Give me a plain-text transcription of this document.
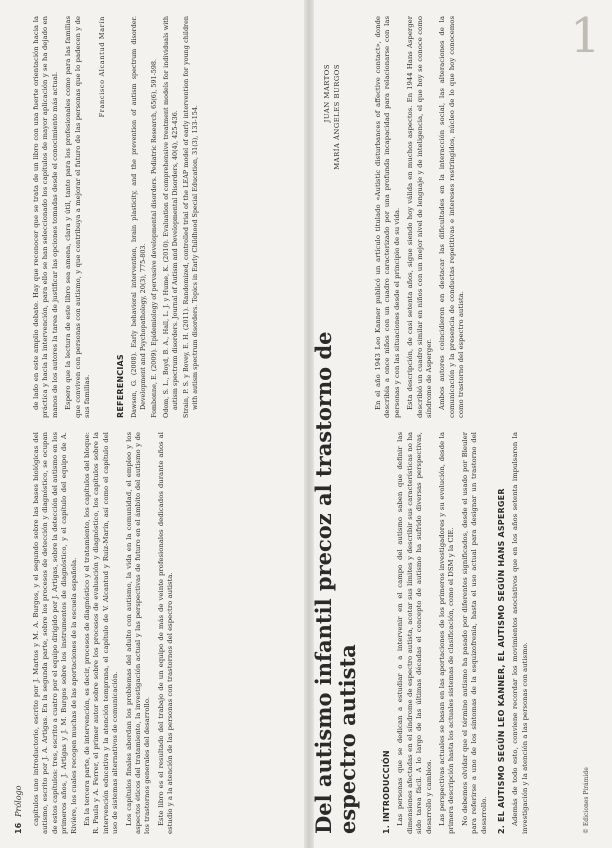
16Prólogo capítulos uno introductorio, escrito por J. Martos y M. A. Burgos, y el segundo sobre las bases biológicas del autismo, escrito por J. A. Artigas. En la segunda parte, sobre los procesos de detección y diagnóstico, se ocupan de estos capítulos: tres, escrito a cuatro por el equipo dirigido por J. Artigas, sobre la detección del autismo en los primeros años, J. Artigas y J. M. Burgos sobre los instrumentos de diagnóstico, y el capítulo del equipo de A. Rivière, los cuales recogen muchas de las aportaciones de la escuela española. En la tercera parte, de intervención, es decir, procesos de diagnóstico y el tratamiento, los capítulos del bloque: R. Paula y A. Ferrer, el primer autor sobre sobre los procesos de evaluación y diagnóstico, los capítulos sobre la intervención educativa y la atención temprana, el capítulo de V. Alcantud y Ruiz-Marín, así como el capítulo del uso de sistemas alternativos de comunicación. Los capítulos finales abordan los problemas del adulto con autismo, la vida en la comunidad, el empleo y los aspectos éticos del tratamiento, la investigación actual y las perspectivas de futuro en el ámbito del autismo y de los trastornos generales del desarrollo. Este libro es el resultado del trabajo de un equipo de más de veinte profesionales dedicados durante años al estudio y a la atención de las personas con trastornos del espectro autista.

de lado en este amplio debate. Hay que reconocer que se trata de un libro con una fuerte orientación hacia la práctica y hacia la intervención, para ello se han seleccionado los capítulos de mayor aplicación y se ha dejado en manos de los autores la tarea de justificar las opciones tomadas desde el conocimiento más actual. Espero que la lectura de este libro sea amena, clara y útil, tanto para los profesionales como para las familias que conviven con personas con autismo, y que contribuya a mejorar el futuro de las personas que lo padecen y de sus familias.

Francisco Alcantud Marín
REFERENCIAS Dawson, G. (2008). Early behavioral intervention, brain plasticity, and the prevention of autism spectrum disorder. Development and Psychopathology, 20(3), 775-803. Fombonne, E. (2009). Epidemiology of pervasive developmental disorders. Pediatric Research, 65(6), 591-598. Odom, S. L., Boyd, B. A., Hall, L. J. y Hume, K. (2010). Evaluation of comprehensive treatment models for individuals with autism spectrum disorders. Journal of Autism and Developmental Disorders, 40(4), 425-436. Strain, P. S. y Bovey, E. H. (2011). Randomized, controlled trial of the LEAP model of early intervention for young children with autism spectrum disorders. Topics in Early Childhood Special Education, 31(3), 133-154.
Del autismo infantil precoz al trastorno de espectro autista
JUAN MARTOS MARÍA ÁNGELES BURGOS
1. INTRODUCCIÓN Las personas que se dedican a estudiar o a intervenir en el campo del autismo saben que definir las dimensiones afectadas en el síndrome de espectro autista, acotar sus límites y describir sus características no ha sido tarea fácil. A lo largo de las últimas décadas el concepto de autismo ha sufrido diversas perspectivas, desarrollo y cambios. Las perspectivas actuales se basan en las aportaciones de los primeros investigadores y su evolución, desde la primera descripción hasta los actuales sistemas de clasificación, como el DSM y la CIE. No debemos olvidar que el término autismo ha pasado por diferentes significados, desde el usado por Bleuler para referirse a uno de los síntomas de la esquizofrenia, hasta el uso actual para designar un trastorno del desarrollo. 2. EL AUTISMO SEGÚN LEO KANNER, EL AUTISMO SEGÚN HANS ASPERGER Además de todo esto, conviene recordar los movimientos asociativos que en los años setenta impulsaron la investigación y la atención a las personas con autismo.

En el año 1943 Leo Kanner publicó un artículo titulado «Autistic disturbances of affective contact», donde describía a once niños con un cuadro caracterizado por una profunda incapacidad para relacionarse con las personas y con las situaciones desde el principio de su vida. Esta descripción, de casi setenta años, sigue siendo hoy válida en muchos aspectos. En 1944 Hans Asperger describió un cuadro similar en niños con un mejor nivel de lenguaje y de inteligencia, el que hoy se conoce como síndrome de Asperger. Ambos autores coincidieron en destacar las dificultades en la interacción social, las alteraciones de la comunicación y la presencia de conductas repetitivas e intereses restringidos, núcleo de lo que hoy conocemos como trastorno del espectro autista.

© Ediciones Pirámide
1
